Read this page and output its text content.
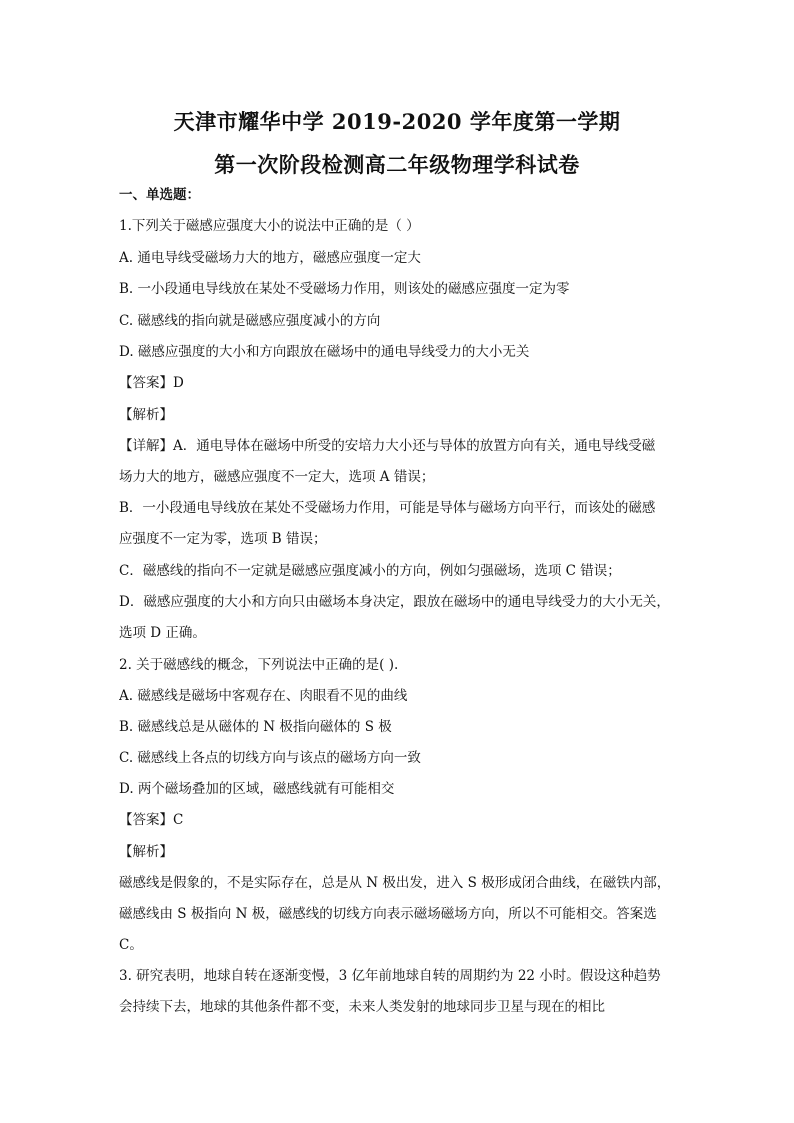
天津市耀华中学 2019-2020 学年度第一学期
第一次阶段检测高二年级物理学科试卷
一、单选题：
1.下列关于磁感应强度大小的说法中正确的是（ ）
A. 通电导线受磁场力大的地方，磁感应强度一定大
B. 一小段通电导线放在某处不受磁场力作用，则该处的磁感应强度一定为零
C. 磁感线的指向就是磁感应强度减小的方向
D. 磁感应强度的大小和方向跟放在磁场中的通电导线受力的大小无关
【答案】D
【解析】
【详解】A．通电导体在磁场中所受的安培力大小还与导体的放置方向有关，通电导线受磁
场力大的地方，磁感应强度不一定大，选项 A 错误；
B．一小段通电导线放在某处不受磁场力作用，可能是导体与磁场方向平行，而该处的磁感
应强度不一定为零，选项 B 错误；
C．磁感线的指向不一定就是磁感应强度减小的方向，例如匀强磁场，选项 C 错误；
D．磁感应强度的大小和方向只由磁场本身决定，跟放在磁场中的通电导线受力的大小无关，
选项 D 正确。
2. 关于磁感线的概念，下列说法中正确的是( ).
A. 磁感线是磁场中客观存在、肉眼看不见的曲线
B. 磁感线总是从磁体的 N 极指向磁体的 S 极
C. 磁感线上各点的切线方向与该点的磁场方向一致
D. 两个磁场叠加的区域，磁感线就有可能相交
【答案】C
【解析】
磁感线是假象的，不是实际存在，总是从 N 极出发，进入 S 极形成闭合曲线，在磁铁内部，
磁感线由 S 极指向 N 极，磁感线的切线方向表示磁场磁场方向，所以不可能相交。答案选
C。
3. 研究表明，地球自转在逐渐变慢，3 亿年前地球自转的周期约为 22 小时。假设这种趋势
会持续下去，地球的其他条件都不变，未来人类发射的地球同步卫星与现在的相比
